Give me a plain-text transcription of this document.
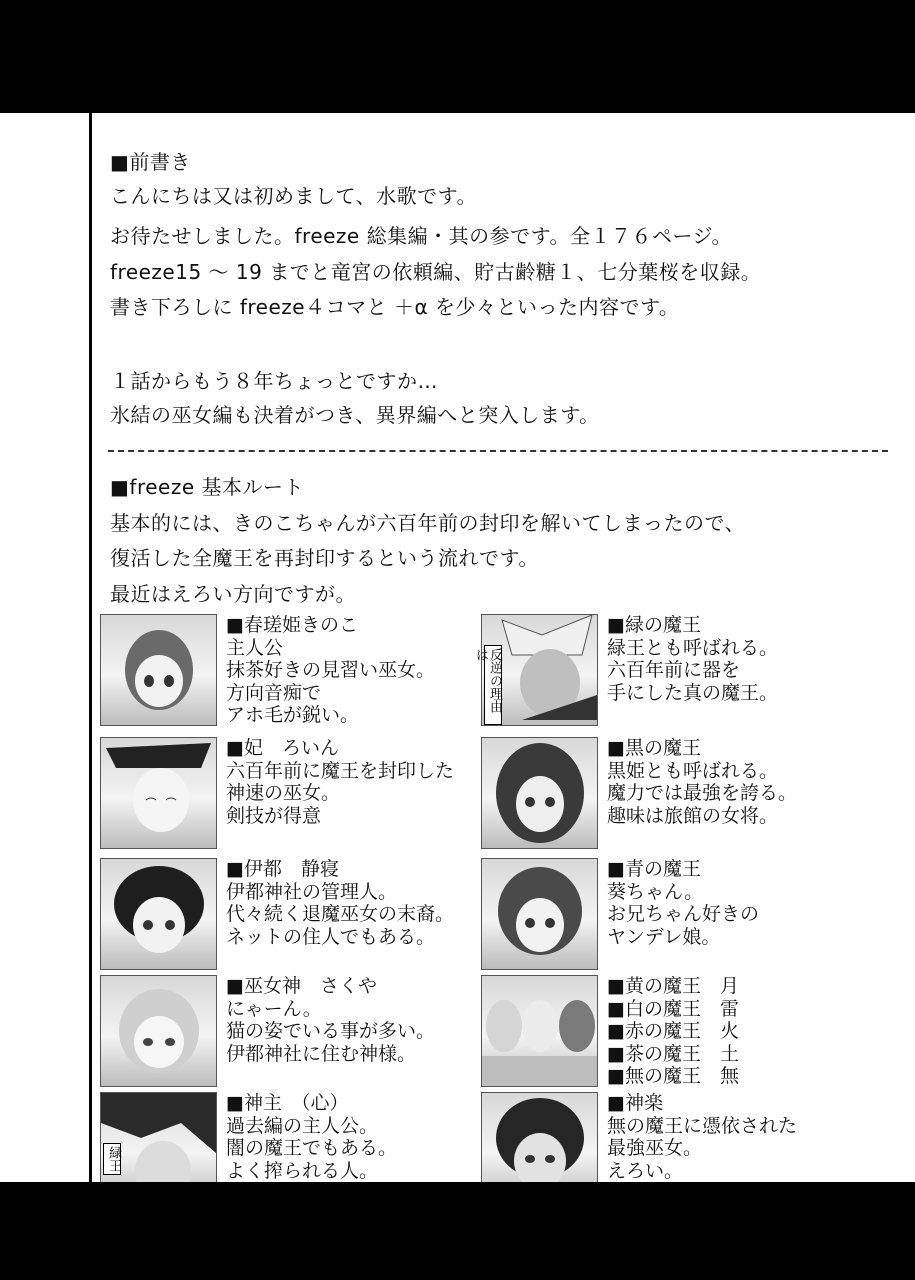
■前書き
こんにちは又は初めまして、水歌です。
お待たせしました。freeze 総集編・其の参です。全１７６ページ。
freeze15 ～ 19 までと竜宮の依頼編、貯古齢糖１、七分葉桜を収録。
書き下ろしに freeze４コマと ＋α を少々といった内容です。
１話からもう８年ちょっとですか…
氷結の巫女編も決着がつき、異界編へと突入します。
■freeze 基本ルート
基本的には、きのこちゃんが六百年前の封印を解いてしまったので、
復活した全魔王を再封印するという流れです。
最近はえろい方向ですが。
■春瑳姫きのこ
主人公
抹茶好きの見習い巫女。
方向音痴で
アホ毛が鋭い。
■妃　ろいん
六百年前に魔王を封印した
神速の巫女。
剣技が得意
■伊都　静寝
伊都神社の管理人。
代々続く退魔巫女の末裔。
ネットの住人でもある。
■巫女神　さくや
にゃーん。
猫の姿でいる事が多い。
伊都神社に住む神様。
緑王
■神主　（心）
過去編の主人公。
闇の魔王でもある。
よく搾られる人。
反逆の理由は
■緑の魔王
緑王とも呼ばれる。
六百年前に器を
手にした真の魔王。
■黒の魔王
黒姫とも呼ばれる。
魔力では最強を誇る。
趣味は旅館の女将。
■青の魔王
葵ちゃん。
お兄ちゃん好きの
ヤンデレ娘。
■黄の魔王　月
■白の魔王　雷
■赤の魔王　火
■茶の魔王　土
■無の魔王　無
■神楽
無の魔王に憑依された
最強巫女。
えろい。
